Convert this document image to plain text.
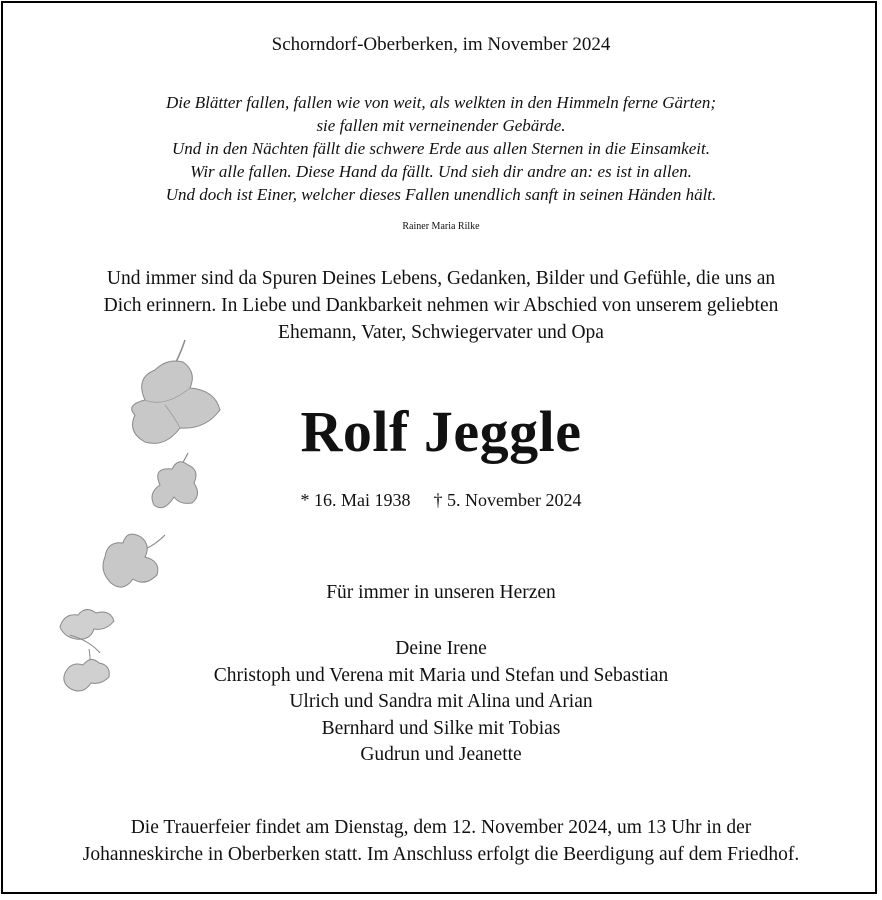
Schorndorf-Oberberken, im November 2024
Die Blätter fallen, fallen wie von weit, als welkten in den Himmeln ferne Gärten;
sie fallen mit verneinender Gebärde.
Und in den Nächten fällt die schwere Erde aus allen Sternen in die Einsamkeit.
Wir alle fallen. Diese Hand da fällt. Und sieh dir andre an: es ist in allen.
Und doch ist Einer, welcher dieses Fallen unendlich sanft in seinen Händen hält.
Rainer Maria Rilke
Und immer sind da Spuren Deines Lebens, Gedanken, Bilder und Gefühle, die uns an
Dich erinnern. In Liebe und Dankbarkeit nehmen wir Abschied von unserem geliebten
Ehemann, Vater, Schwiegervater und Opa
Rolf Jeggle
* 16. Mai 1938 † 5. November 2024
Für immer in unseren Herzen
Deine Irene
Christoph und Verena mit Maria und Stefan und Sebastian
Ulrich und Sandra mit Alina und Arian
Bernhard und Silke mit Tobias
Gudrun und Jeanette
Die Trauerfeier findet am Dienstag, dem 12. November 2024, um 13 Uhr in der
Johanneskirche in Oberberken statt. Im Anschluss erfolgt die Beerdigung auf dem Friedhof.
